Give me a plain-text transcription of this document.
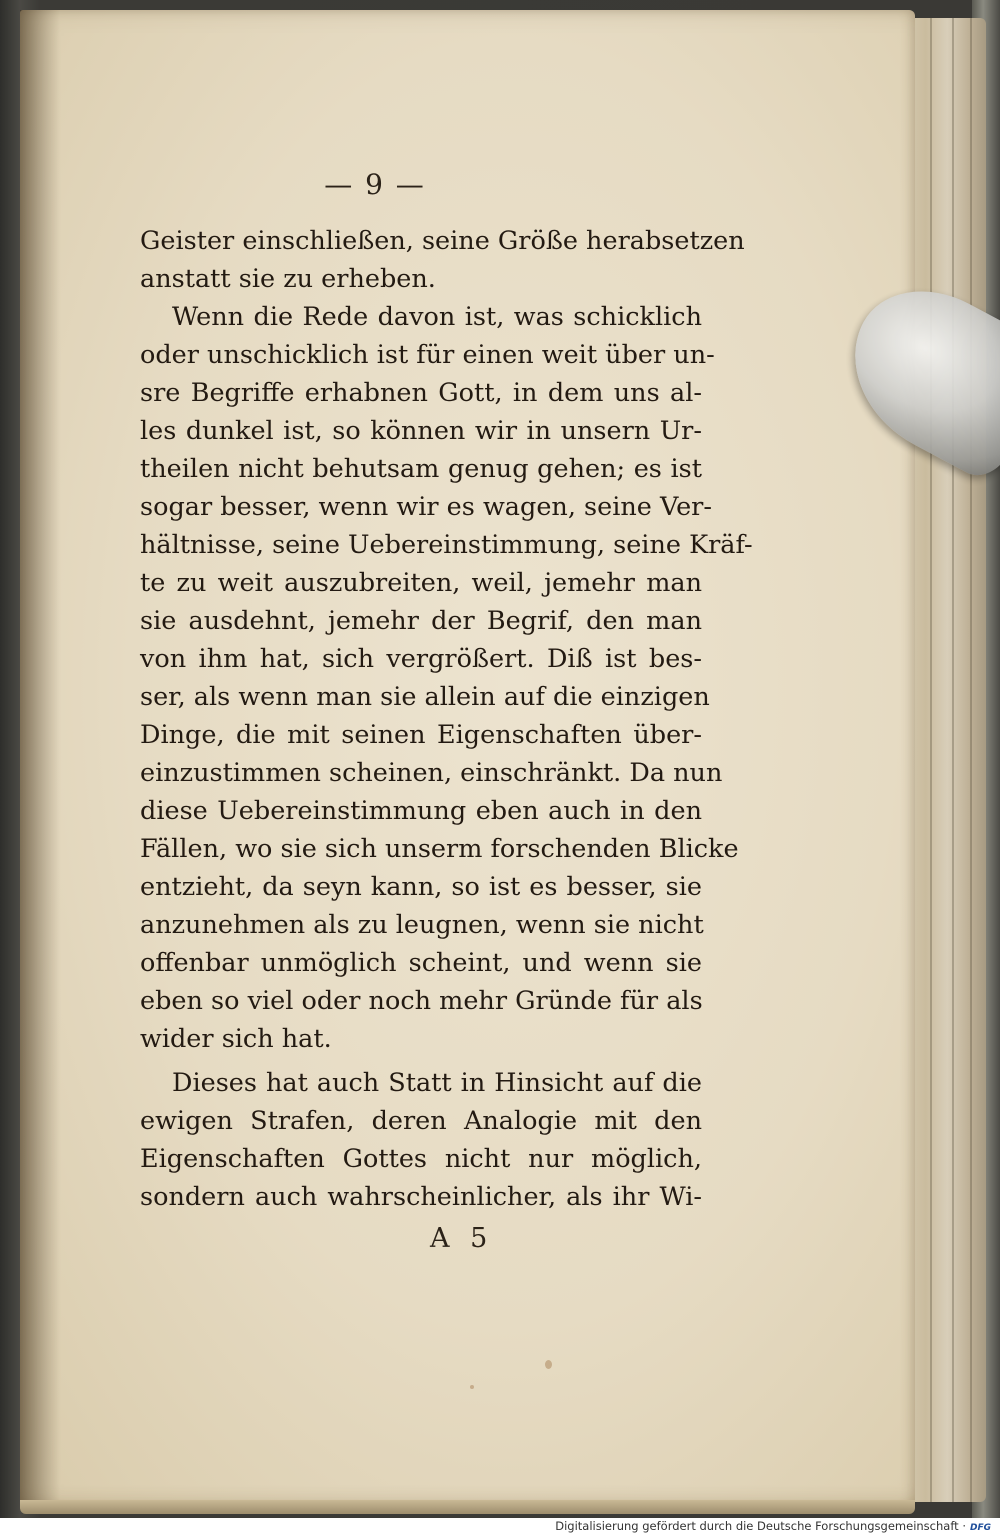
— 9 —
Geister einschließen, seine Größe herabsetzen
anstatt sie zu erheben.
Wenn die Rede davon ist, was schicklich
oder unschicklich ist für einen weit über un-
sre Begriffe erhabnen Gott, in dem uns al-
les dunkel ist, so können wir in unsern Ur-
theilen nicht behutsam genug gehen; es ist
sogar besser, wenn wir es wagen, seine Ver-
hältnisse, seine Uebereinstimmung, seine Kräf-
te zu weit auszubreiten, weil, jemehr man
sie ausdehnt, jemehr der Begrif, den man
von ihm hat, sich vergrößert. Diß ist bes-
ser, als wenn man sie allein auf die einzigen
Dinge, die mit seinen Eigenschaften über-
einzustimmen scheinen, einschränkt. Da nun
diese Uebereinstimmung eben auch in den
Fällen, wo sie sich unserm forschenden Blicke
entzieht, da seyn kann, so ist es besser, sie
anzunehmen als zu leugnen, wenn sie nicht
offenbar unmöglich scheint, und wenn sie
eben so viel oder noch mehr Gründe für als
wider sich hat.
Dieses hat auch Statt in Hinsicht auf die
ewigen Strafen, deren Analogie mit den
Eigenschaften Gottes nicht nur möglich,
sondern auch wahrscheinlicher, als ihr Wi-
A 5
Digitalisierung gefördert durch die Deutsche Forschungsgemeinschaft · DFG
